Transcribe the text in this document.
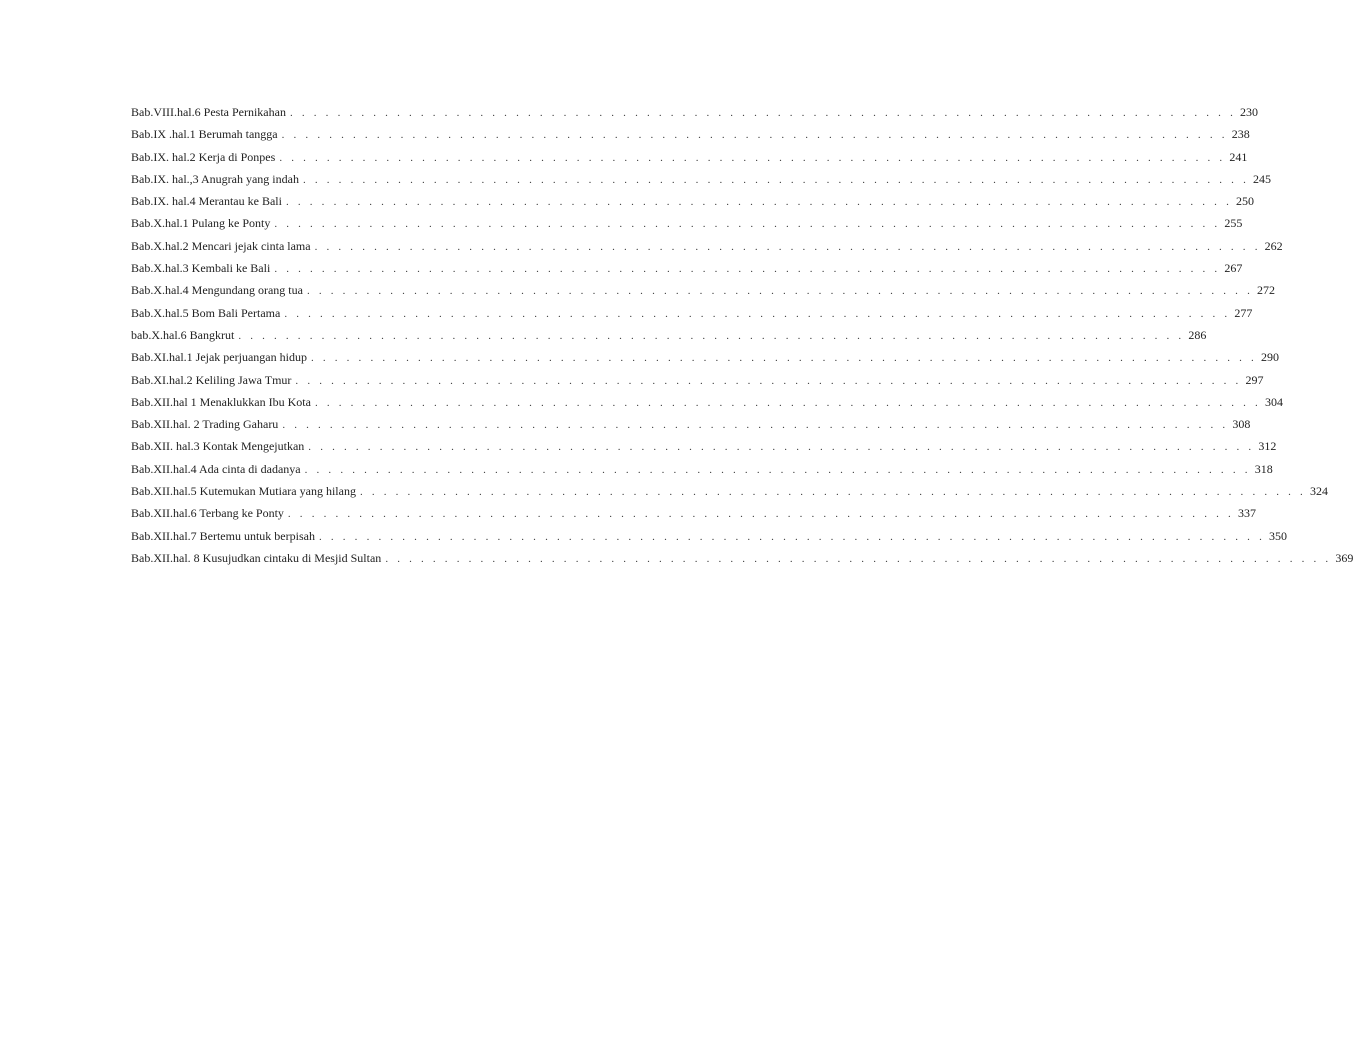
Bab.VIII.hal.6 Pesta Pernikahan . . . . . . . . . . . . . . . . . . . . . . . . . . . . . . . . . . . . . . . . . . . . . . . . . . . . . . . . . . . . . . . . . . . . . . . . . . . . . . . . 230
Bab.IX .hal.1 Berumah tangga . . . . . . . . . . . . . . . . . . . . . . . . . . . . . . . . . . . . . . . . . . . . . . . . . . . . . . . . . . . . . . . . . . . . . . . . . . . . . . . . 238
Bab.IX. hal.2 Kerja di Ponpes . . . . . . . . . . . . . . . . . . . . . . . . . . . . . . . . . . . . . . . . . . . . . . . . . . . . . . . . . . . . . . . . . . . . . . . . . . . . . . . . 241
Bab.IX. hal.,3 Anugrah yang indah . . . . . . . . . . . . . . . . . . . . . . . . . . . . . . . . . . . . . . . . . . . . . . . . . . . . . . . . . . . . . . . . . . . . . . . . . . . . . . . . 245
Bab.IX. hal.4 Merantau ke Bali . . . . . . . . . . . . . . . . . . . . . . . . . . . . . . . . . . . . . . . . . . . . . . . . . . . . . . . . . . . . . . . . . . . . . . . . . . . . . . . . 250
Bab.X.hal.1 Pulang ke Ponty . . . . . . . . . . . . . . . . . . . . . . . . . . . . . . . . . . . . . . . . . . . . . . . . . . . . . . . . . . . . . . . . . . . . . . . . . . . . . . . . 255
Bab.X.hal.2 Mencari jejak cinta lama . . . . . . . . . . . . . . . . . . . . . . . . . . . . . . . . . . . . . . . . . . . . . . . . . . . . . . . . . . . . . . . . . . . . . . . . . . . . . . . . 262
Bab.X.hal.3 Kembali ke Bali . . . . . . . . . . . . . . . . . . . . . . . . . . . . . . . . . . . . . . . . . . . . . . . . . . . . . . . . . . . . . . . . . . . . . . . . . . . . . . . . 267
Bab.X.hal.4 Mengundang orang tua . . . . . . . . . . . . . . . . . . . . . . . . . . . . . . . . . . . . . . . . . . . . . . . . . . . . . . . . . . . . . . . . . . . . . . . . . . . . . . . . 272
Bab.X.hal.5 Bom Bali Pertama . . . . . . . . . . . . . . . . . . . . . . . . . . . . . . . . . . . . . . . . . . . . . . . . . . . . . . . . . . . . . . . . . . . . . . . . . . . . . . . . 277
bab.X.hal.6 Bangkrut . . . . . . . . . . . . . . . . . . . . . . . . . . . . . . . . . . . . . . . . . . . . . . . . . . . . . . . . . . . . . . . . . . . . . . . . . . . . . . . . 286
Bab.XI.hal.1 Jejak perjuangan hidup . . . . . . . . . . . . . . . . . . . . . . . . . . . . . . . . . . . . . . . . . . . . . . . . . . . . . . . . . . . . . . . . . . . . . . . . . . . . . . . . 290
Bab.XI.hal.2 Keliling Jawa Tmur . . . . . . . . . . . . . . . . . . . . . . . . . . . . . . . . . . . . . . . . . . . . . . . . . . . . . . . . . . . . . . . . . . . . . . . . . . . . . . . . 297
Bab.XII.hal 1 Menaklukkan Ibu Kota . . . . . . . . . . . . . . . . . . . . . . . . . . . . . . . . . . . . . . . . . . . . . . . . . . . . . . . . . . . . . . . . . . . . . . . . . . . . . . . . 304
Bab.XII.hal. 2 Trading Gaharu . . . . . . . . . . . . . . . . . . . . . . . . . . . . . . . . . . . . . . . . . . . . . . . . . . . . . . . . . . . . . . . . . . . . . . . . . . . . . . . . 308
Bab.XII. hal.3 Kontak Mengejutkan . . . . . . . . . . . . . . . . . . . . . . . . . . . . . . . . . . . . . . . . . . . . . . . . . . . . . . . . . . . . . . . . . . . . . . . . . . . . . . . . 312
Bab.XII.hal.4 Ada cinta di dadanya . . . . . . . . . . . . . . . . . . . . . . . . . . . . . . . . . . . . . . . . . . . . . . . . . . . . . . . . . . . . . . . . . . . . . . . . . . . . . . . . 318
Bab.XII.hal.5 Kutemukan Mutiara yang hilang . . . . . . . . . . . . . . . . . . . . . . . . . . . . . . . . . . . . . . . . . . . . . . . . . . . . . . . . . . . . . . . . . . . . . . . . . . . . . . . . 324
Bab.XII.hal.6 Terbang ke Ponty . . . . . . . . . . . . . . . . . . . . . . . . . . . . . . . . . . . . . . . . . . . . . . . . . . . . . . . . . . . . . . . . . . . . . . . . . . . . . . . . 337
Bab.XII.hal.7 Bertemu untuk berpisah . . . . . . . . . . . . . . . . . . . . . . . . . . . . . . . . . . . . . . . . . . . . . . . . . . . . . . . . . . . . . . . . . . . . . . . . . . . . . . . . 350
Bab.XII.hal. 8 Kusujudkan cintaku di Mesjid Sultan . . . . . . . . . . . . . . . . . . . . . . . . . . . . . . . . . . . . . . . . . . . . . . . . . . . . . . . . . . . . . . . . . . . . . . . . . . . . . . . . 369
